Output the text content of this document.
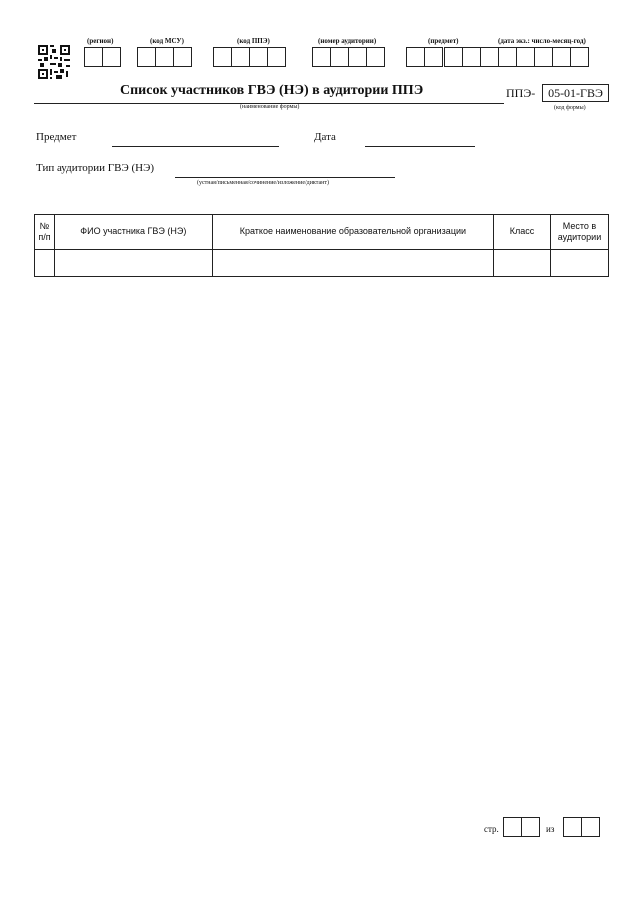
(регион)	(код МСУ)	(код ППЭ)	(номер аудитории)	(предмет)	(дата экз.: число-месяц-год)
Список участников ГВЭ (НЭ) в аудитории ППЭ
(наименование формы)
ППЭ- 05-01-ГВЭ
(код формы)
Предмет	Дата
Тип аудитории ГВЭ (НЭ)
(устная/письменная/сочинение/изложение/диктант)
№ п/п	ФИО участника ГВЭ (НЭ)	Краткое наименование образовательной организации	Класс	Место в аудитории

стр.	из
